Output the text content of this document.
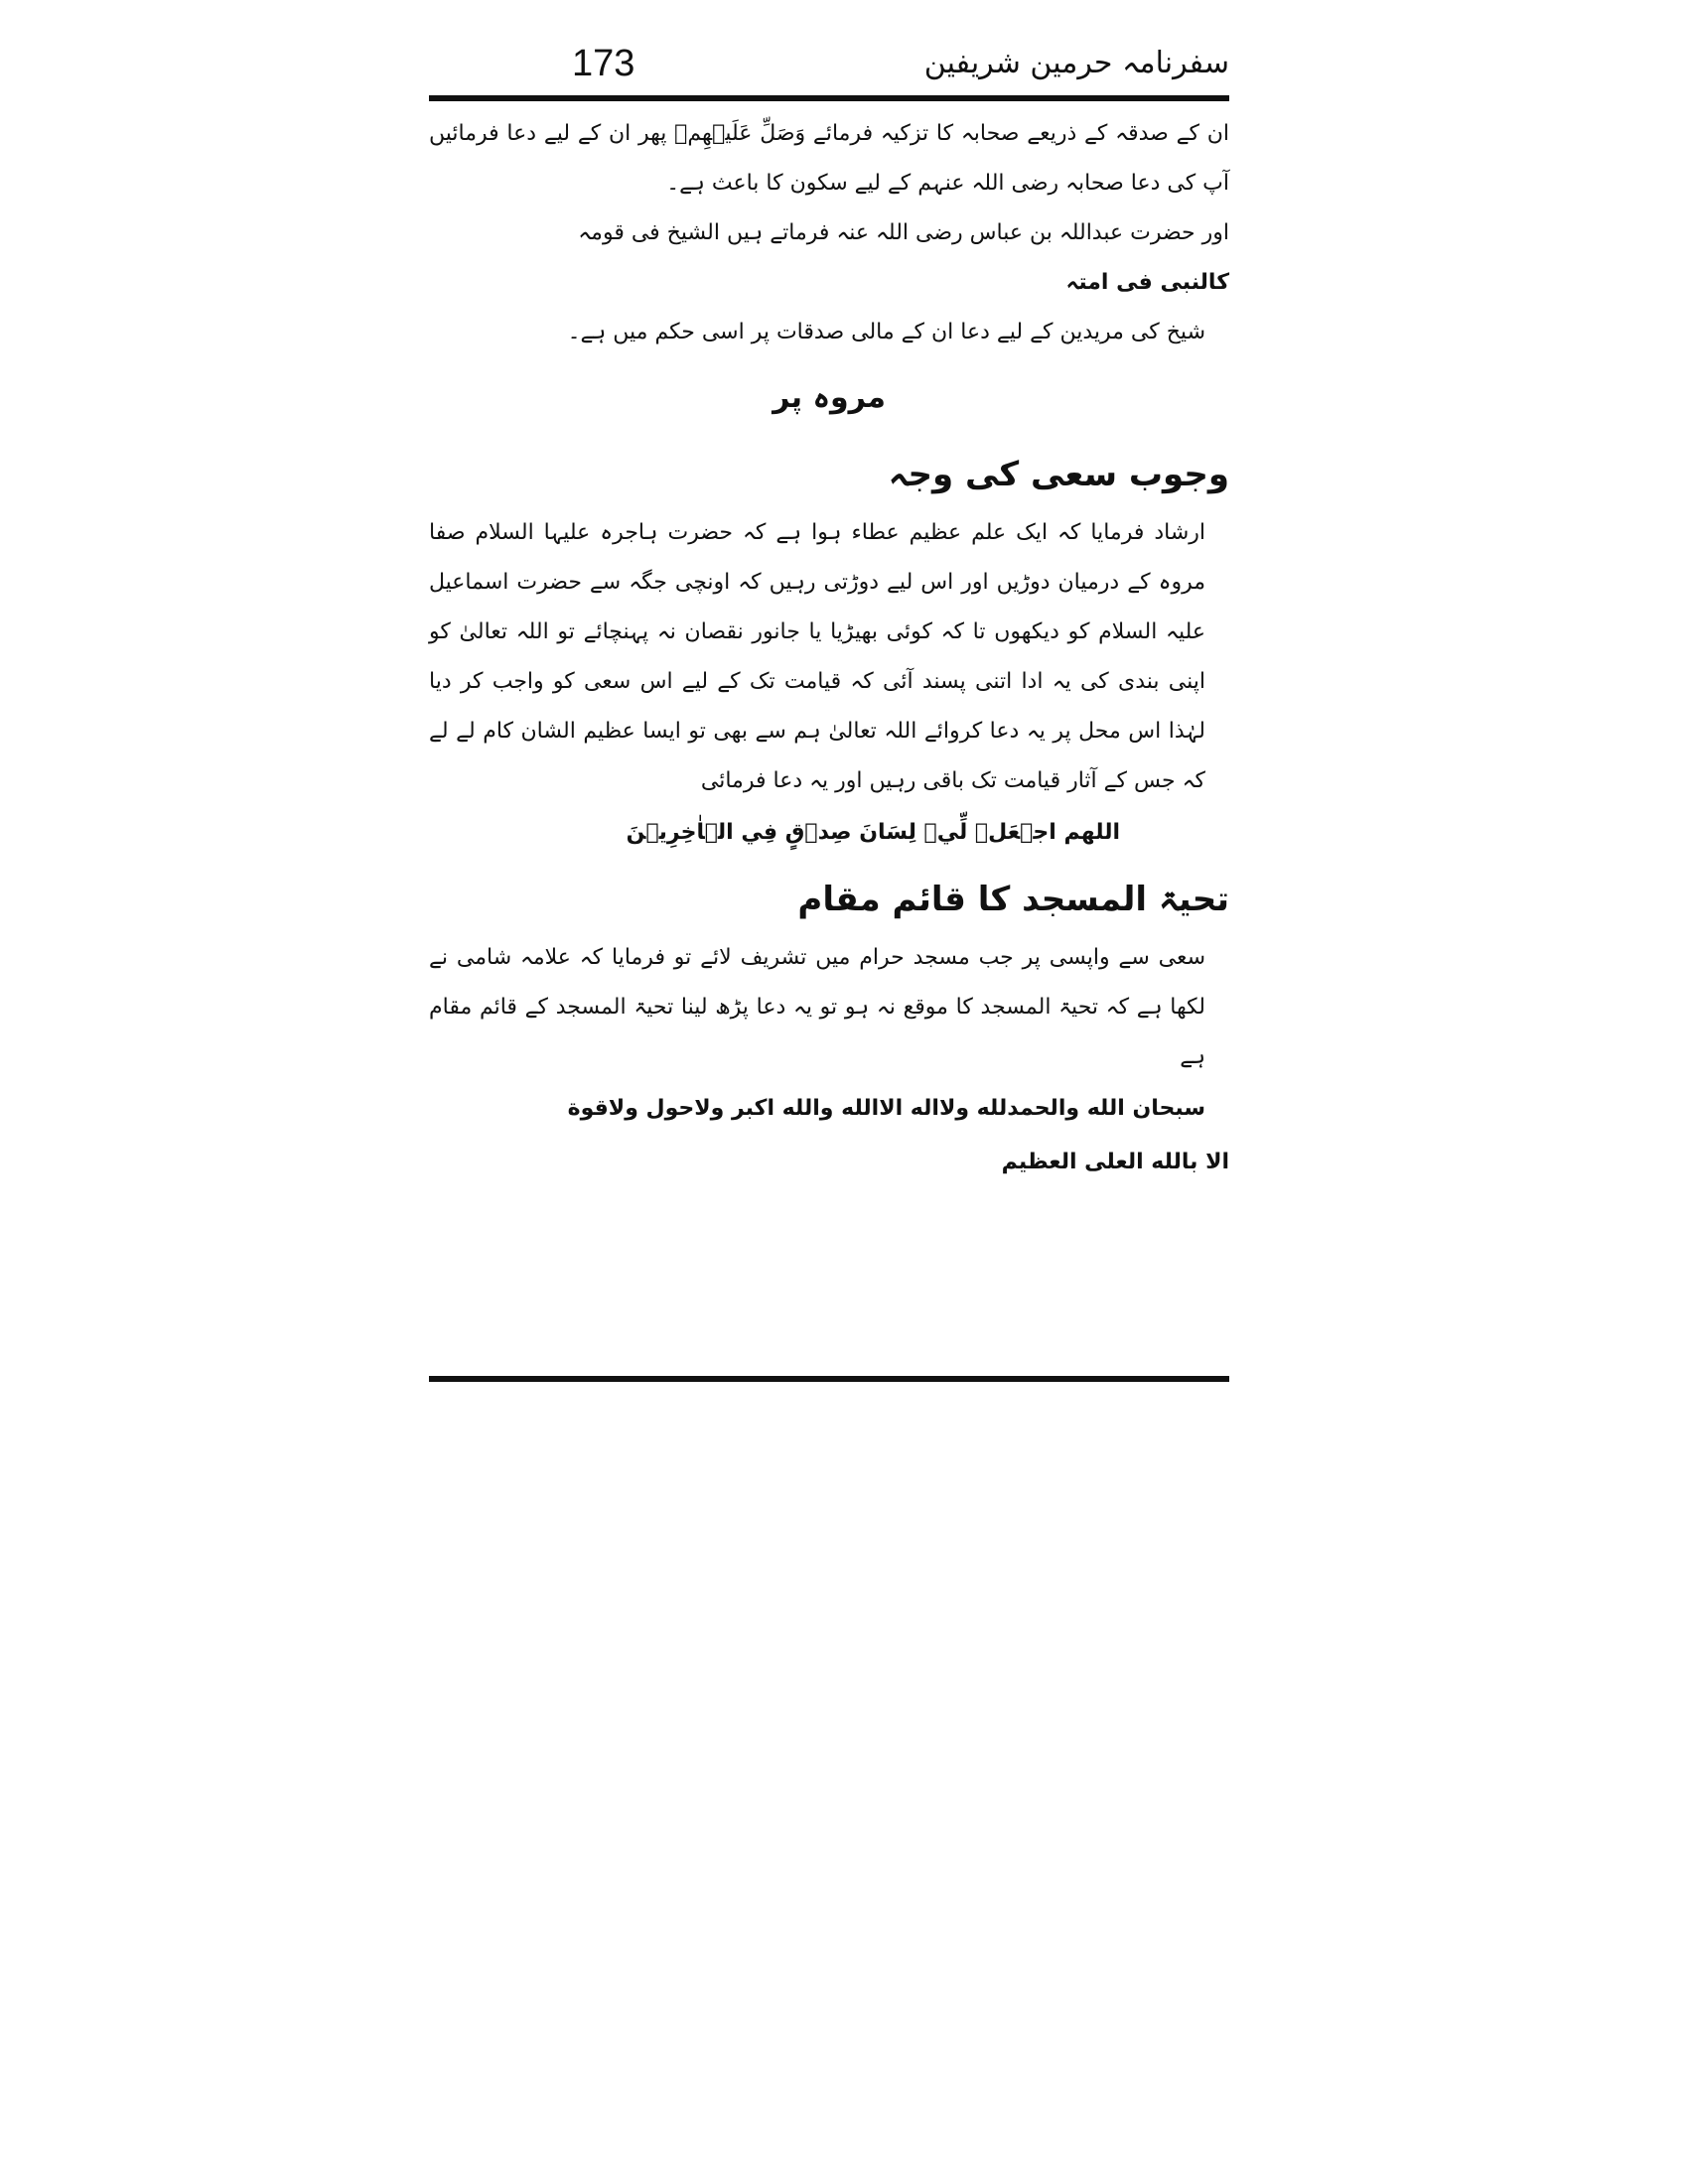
173	سفرنامہ حرمین شریفین

ان کے صدقہ کے ذریعے صحابہ کا تزکیہ فرمائے وَصَلِّ عَلَيۡهِمۡ پھر ان کے لیے دعا فرمائیں آپ کی دعا صحابہ رضی اللہ عنہم کے لیے سکون کا باعث ہے۔

اور حضرت عبداللہ بن عباس رضی اللہ عنہ فرماتے ہیں الشیخ فی قومہ

کالنبی فی امتہ

شیخ کی مریدین کے لیے دعا ان کے مالی صدقات پر اسی حکم میں ہے۔

مروہ پر
وجوب سعی کی وجہ

ارشاد فرمایا کہ ایک علم عظیم عطاء ہوا ہے کہ حضرت ہاجرہ علیہا السلام صفا مروہ کے درمیان دوڑیں اور اس لیے دوڑتی رہیں کہ اونچی جگہ سے حضرت اسماعیل علیہ السلام کو دیکھوں تا کہ کوئی بھیڑیا یا جانور نقصان نہ پہنچائے تو اللہ تعالیٰ کو اپنی بندی کی یہ ادا اتنی پسند آئی کہ قیامت تک کے لیے اس سعی کو واجب کر دیا لہٰذا اس محل پر یہ دعا کروائے اللہ تعالیٰ ہم سے بھی تو ایسا عظیم الشان کام لے لے کہ جس کے آثار قیامت تک باقی رہیں اور یہ دعا فرمائی

اللهم اجۡعَلۡ لِّيۡ لِسَانَ صِدۡقٍ فِي الۡاٰخِرِيۡنَ

تحیۃ المسجد کا قائم مقام

سعی سے واپسی پر جب مسجد حرام میں تشریف لائے تو فرمایا کہ علامہ شامی نے لکھا ہے کہ تحیۃ المسجد کا موقع نہ ہو تو یہ دعا پڑھ لینا تحیۃ المسجد کے قائم مقام ہے

سبحان الله والحمدلله ولااله الاالله والله اكبر ولاحول ولاقوة

الا بالله العلى العظيم
